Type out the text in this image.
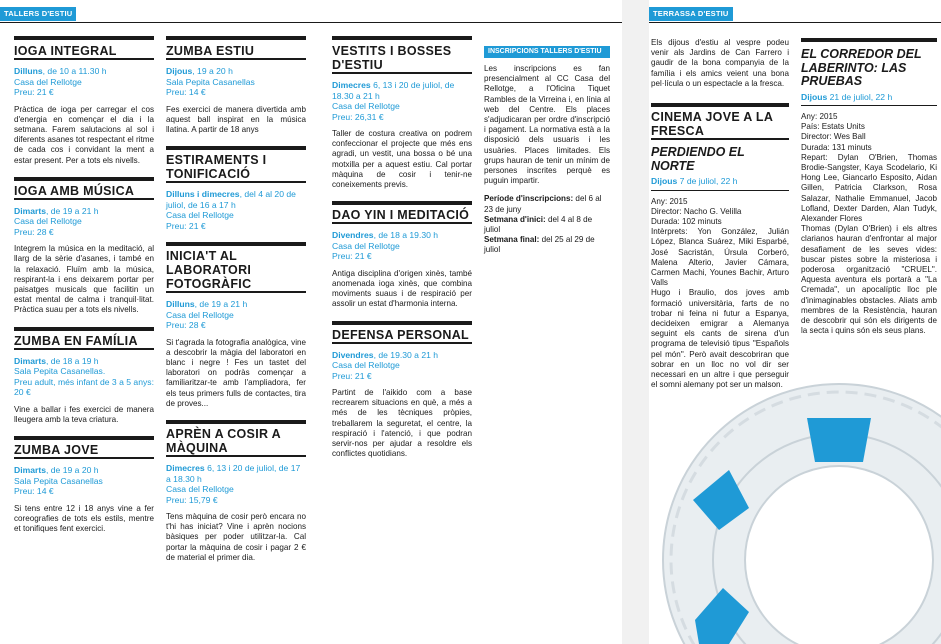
TALLERS D'ESTIU
IOGA INTEGRAL
Dilluns, de 10 a 11.30 h
Casa del Rellotge
Preu: 21 €
Pràctica de ioga per carregar el cos d'energia en començar el dia i la setmana. Farem salutacions al sol i diferents asanes tot respectant el ritme de cada cos i convidant la ment a estar present. Per a tots els nivells.
IOGA AMB MÚSICA
Dimarts, de 19 a 21 h
Casa del Rellotge
Preu: 28 €
Integrem la música en la meditació, al llarg de la sèrie d'asanes, i també en la relaxació. Fluïm amb la música, respirant-la i ens deixarem portar per paisatges musicals que facilitin un estat mental de calma i tranquil·litat. Pràctica suau per a tots els nivells.
ZUMBA EN FAMÍLIA
Dimarts, de 18 a 19 h
Sala Pepita Casanellas.
Preu adult, més infant de 3 a 5 anys: 20 €
Vine a ballar i fes exercici de manera lleugera amb la teva criatura.
ZUMBA JOVE
Dimarts, de 19 a 20 h
Sala Pepita Casanellas
Preu: 14 €
Si tens entre 12 i 18 anys vine a fer coreografies de tots els estils, mentre et tonifiques fent exercici.
ZUMBA ESTIU
Dijous, 19 a 20 h
Sala Pepita Casanellas
Preu: 14 €
Fes exercici de manera divertida amb aquest ball inspirat en la música llatina. A partir de 18 anys
ESTIRAMENTS I TONIFICACIÓ
Dilluns i dimecres, del 4 al 20 de juliol, de 16 a 17 h
Casa del Rellotge
Preu: 21 €
INICIA'T AL LABORATORI FOTOGRÀFIC
Dilluns, de 19 a 21 h
Casa del Rellotge
Preu: 28 €
Si t'agrada la fotografia analògica, vine a descobrir la màgia del laboratori en blanc i negre ! Fes un tastet del laboratori on podràs començar a familiaritzar-te amb l'ampliadora, fer els teus primers fulls de contactes, tira de proves...
APRÈN A COSIR A MÀQUINA
Dimecres 6, 13 i 20 de juliol, de 17 a 18.30 h
Casa del Rellotge
Preu: 15,79 €
Tens màquina de cosir però encara no t'hi has iniciat? Vine i aprèn nocions bàsiques per poder utilitzar-la. Cal portar la màquina de cosir i pagar 2 € de material el primer dia.
VESTITS I BOSSES D'ESTIU
Dimecres 6, 13 i 20 de juliol, de 18.30 a 21 h
Casa del Rellotge
Preu: 26,31 €
Taller de costura creativa on podrem confeccionar el projecte que més ens agradi, un vestit, una bossa o bé una motxilla per a aquest estiu. Cal portar màquina de cosir i tenir-ne coneixements previs.
DAO YIN I MEDITACIÓ
Divendres, de 18 a 19.30 h
Casa del Rellotge
Preu: 21 €
Antiga disciplina d'origen xinès, també anomenada ioga xinès, que combina moviments suaus i de respiració per assolir un estat d'harmonia interna.
DEFENSA PERSONAL
Divendres, de 19.30 a 21 h
Casa del Rellotge
Preu: 21 €
Partint de l'aikido com a base recrearem situacions en què, a més a més de les tècniques pròpies, treballarem la seguretat, el centre, la respiració i l'atenció, i que podran servir-nos per ajudar a resoldre els conflictes quotidians.
INSCRIPCIONS TALLERS D'ESTIU

Les inscripcions es fan presencialment al CC Casa del Rellotge, a l'Oficina Tiquet Rambles de la Virreina i, en línia al web del Centre. Els places s'adjudicaran per ordre d'inscripció i pagament. La normativa està a la disposició dels usuaris i les usuàries. Places limitades. Els grups hauran de tenir un mínim de persones inscrites perquè es puguin impartir.

Període d'inscripcions: del 6 al 23 de juny
Setmana d'inici: del 4 al 8 de juliol
Setmana final: del 25 al 29 de juliol
TERRASSA D'ESTIU

Els dijous d'estiu al vespre podeu venir als Jardins de Can Farrero i gaudir de la bona companyia de la família i els amics veient una bona pel·lícula o un espectacle a la fresca.

CINEMA JOVE A LA FRESCA
PERDIENDO EL NORTE
Dijous 7 de juliol, 22 h
Any: 2015
Director: Nacho G. Velilla
Durada: 102 minuts
Intèrprets: Yon González, Julián López, Blanca Suárez, Miki Esparbé, José Sacristán, Úrsula Corberó, Malena Alterio, Javier Cámara, Carmen Machi, Younes Bachir, Arturo Valls
Hugo i Braulio, dos joves amb formació universitària, farts de no trobar ni feina ni futur a Espanya, decideixen emigrar a Alemanya seguint els cants de sirena d'un programa de televisió tipus "Españols pel món". Però avait descobriran que sobrar en un lloc no vol dir ser necessari en un altre i que perseguir el somni alemany pot ser un malson.
EL CORREDOR DEL LABERINTO: LAS PRUEBAS
Dijous 21 de juliol, 22 h
Any: 2015
País: Estats Units
Director: Wes Ball
Durada: 131 minuts
Repart: Dylan O'Brien, Thomas Brodie-Sangster, Kaya Scodelario, Ki Hong Lee, Giancarlo Esposito, Aidan Gillen, Patricia Clarkson, Rosa Salazar, Nathalie Emmanuel, Jacob Lofland, Dexter Darden, Alan Tudyk, Alexander Flores
Thomas (Dylan O'Brien) i els altres clarianos hauran d'enfrontar al major desafiament de les seves vides: buscar pistes sobre la misteriosa i poderosa organització "CRUEL". Aquesta aventura els portarà a "La Cremada", un apocalíptic lloc ple d'inimaginables obstacles. Aliats amb membres de la Resistència, hauran de descobrir qui són els dirigents de la secta i quins són els seus plans.
